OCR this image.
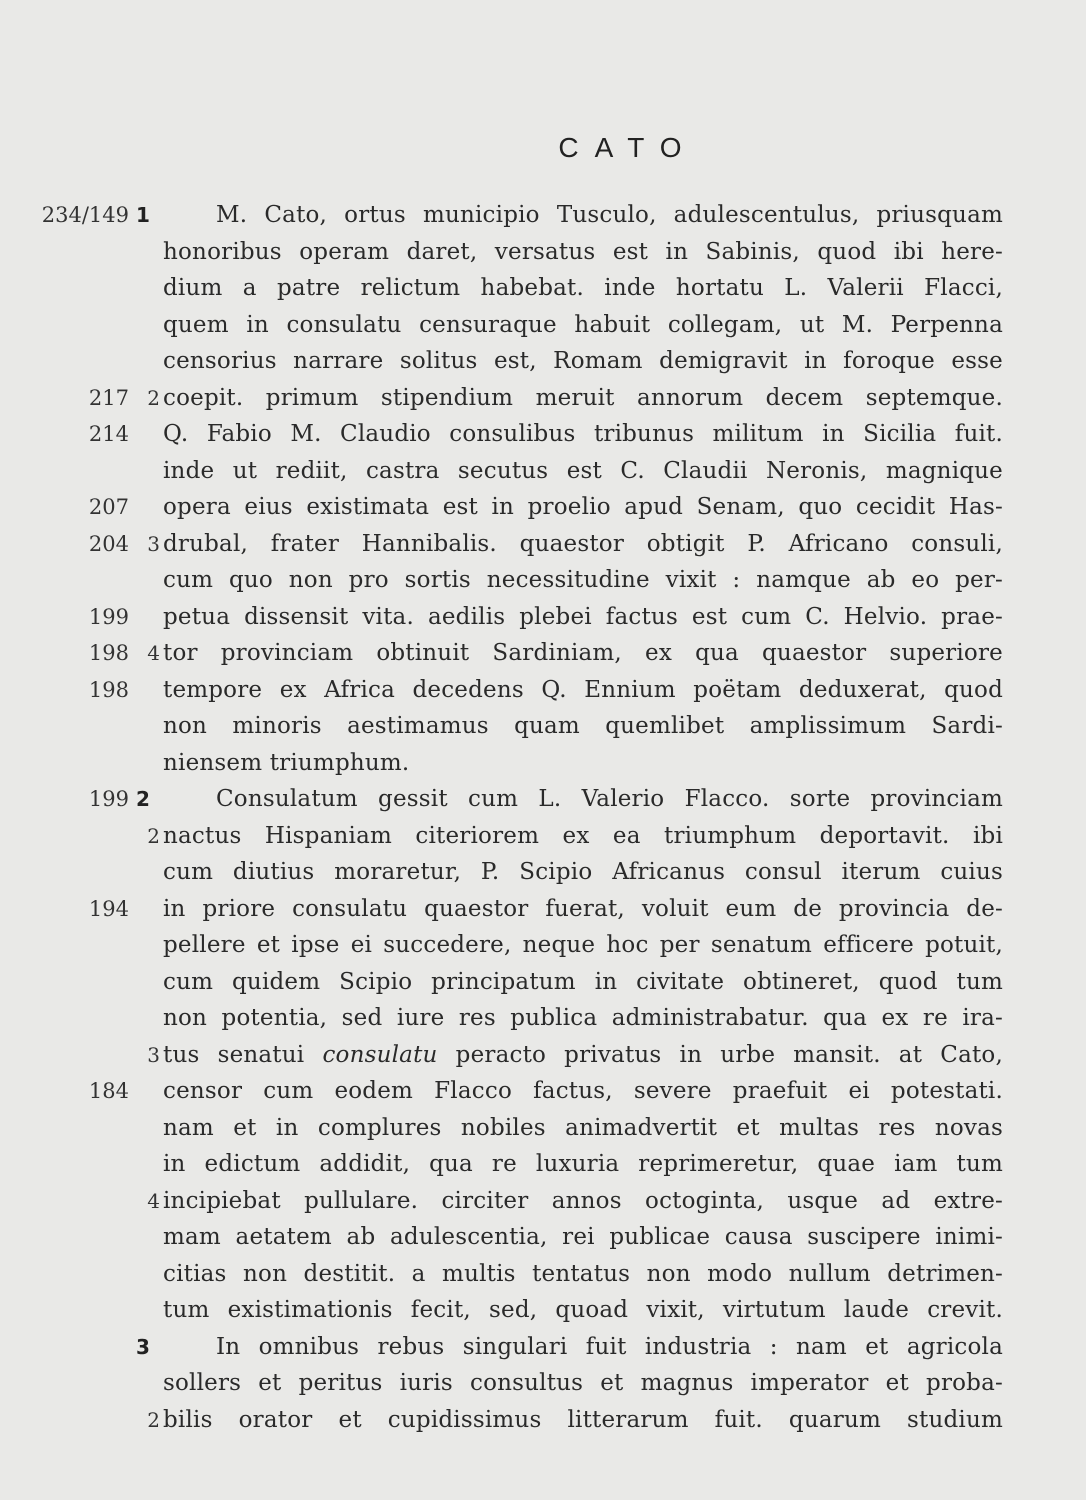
CATO
234/149 1	M. Cato, ortus municipio Tusculo, adulescentulus, priusquam
honoribus operam daret, versatus est in Sabinis, quod ibi here-
dium a patre relictum habebat. inde hortatu L. Valerii Flacci,
quem in consulatu censuraque habuit collegam, ut M. Perpenna
censorius narrare solitus est, Romam demigravit in foroque esse
217 2 coepit. primum stipendium meruit annorum decem septemque.
214 Q. Fabio M. Claudio consulibus tribunus militum in Sicilia fuit.
inde ut rediit, castra secutus est C. Claudii Neronis, magnique
207 opera eius existimata est in proelio apud Senam, quo cecidit Has-
204 3 drubal, frater Hannibalis. quaestor obtigit P. Africano consuli,
cum quo non pro sortis necessitudine vixit : namque ab eo per-
199 petua dissensit vita. aedilis plebei factus est cum C. Helvio. prae-
198 4 tor provinciam obtinuit Sardiniam, ex qua quaestor superiore
198 tempore ex Africa decedens Q. Ennium poëtam deduxerat, quod
non minoris aestimamus quam quemlibet amplissimum Sardi-
niensem triumphum.
199 2	Consulatum gessit cum L. Valerio Flacco. sorte provinciam
2 nactus Hispaniam citeriorem ex ea triumphum deportavit. ibi
cum diutius moraretur, P. Scipio Africanus consul iterum cuius
194 in priore consulatu quaestor fuerat, voluit eum de provincia de-
pellere et ipse ei succedere, neque hoc per senatum efficere potuit,
cum quidem Scipio principatum in civitate obtineret, quod tum
non potentia, sed iure res publica administrabatur. qua ex re ira-
3 tus senatui consulatu peracto privatus in urbe mansit. at Cato,
184 censor cum eodem Flacco factus, severe praefuit ei potestati.
nam et in complures nobiles animadvertit et multas res novas
in edictum addidit, qua re luxuria reprimeretur, quae iam tum
4 incipiebat pullulare. circiter annos octoginta, usque ad extre-
mam aetatem ab adulescentia, rei publicae causa suscipere inimi-
citias non destitit. a multis tentatus non modo nullum detrimen-
tum existimationis fecit, sed, quoad vixit, virtutum laude crevit.
3	In omnibus rebus singulari fuit industria : nam et agricola
sollers et peritus iuris consultus et magnus imperator et proba-
2 bilis orator et cupidissimus litterarum fuit. quarum studium
